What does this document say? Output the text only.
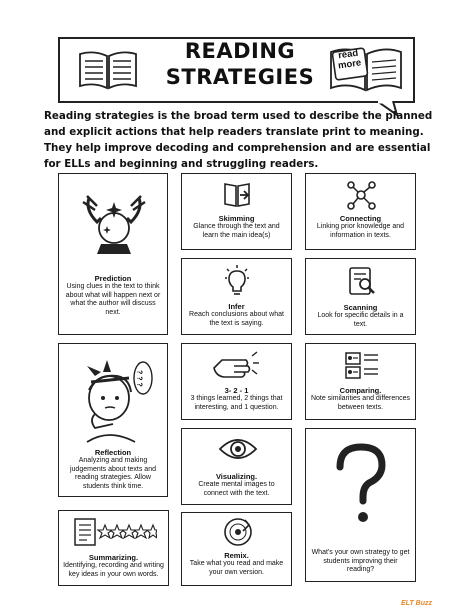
READING
STRATEGIES
read
more
Reading strategies is the broad term used to describe the planned and explicit actions that help readers translate print to meaning. They help improve decoding and comprehension and are essential for ELLs and beginning and struggling readers.
Prediction
Using clues in the text to think about what will happen next or what the author will discuss next.
Skimming
Glance through the text and learn the main idea(s)
Connecting
Linking prior knowledge and information in texts.
Infer
Reach conclusions about what the text is saying.
Scanning
Look for specific details in a text.
? ? ?
Reflection
Analyzing and making judgements about texts and reading strategies. Allow students think time.
3- 2 - 1
3 things learned, 2 things that interesting, and 1 question.
Comparing.
Note similarities and differences between texts.
Visualizing.
Create mental images to connect with the text.
What's your own strategy to get students improving their reading?
Summarizing.
Identifying, recording and writing key ideas in your own words.
Remix.
Take what you read and make your own version.
ELT Buzz
